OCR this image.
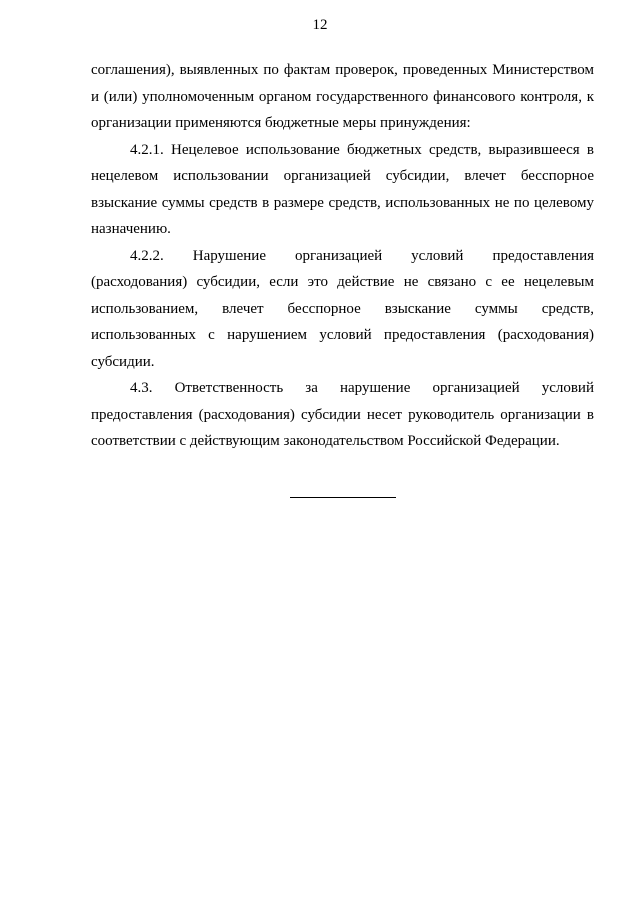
12
соглашения), выявленных по фактам проверок, проведенных Министерством
и (или) уполномоченным органом государственного финансового контроля, к
организации применяются бюджетные меры принуждения:
4.2.1. Нецелевое использование бюджетных средств, выразившееся в
нецелевом использовании организацией субсидии, влечет бесспорное
взыскание суммы средств в размере средств, использованных не по целевому
назначению.
4.2.2. Нарушение организацией условий предоставления
(расходования) субсидии, если это действие не связано с ее нецелевым
использованием, влечет бесспорное взыскание суммы средств,
использованных с нарушением условий предоставления (расходования)
субсидии.
4.3. Ответственность за нарушение организацией условий
предоставления (расходования) субсидии несет руководитель организации в
соответствии с действующим законодательством Российской Федерации.
